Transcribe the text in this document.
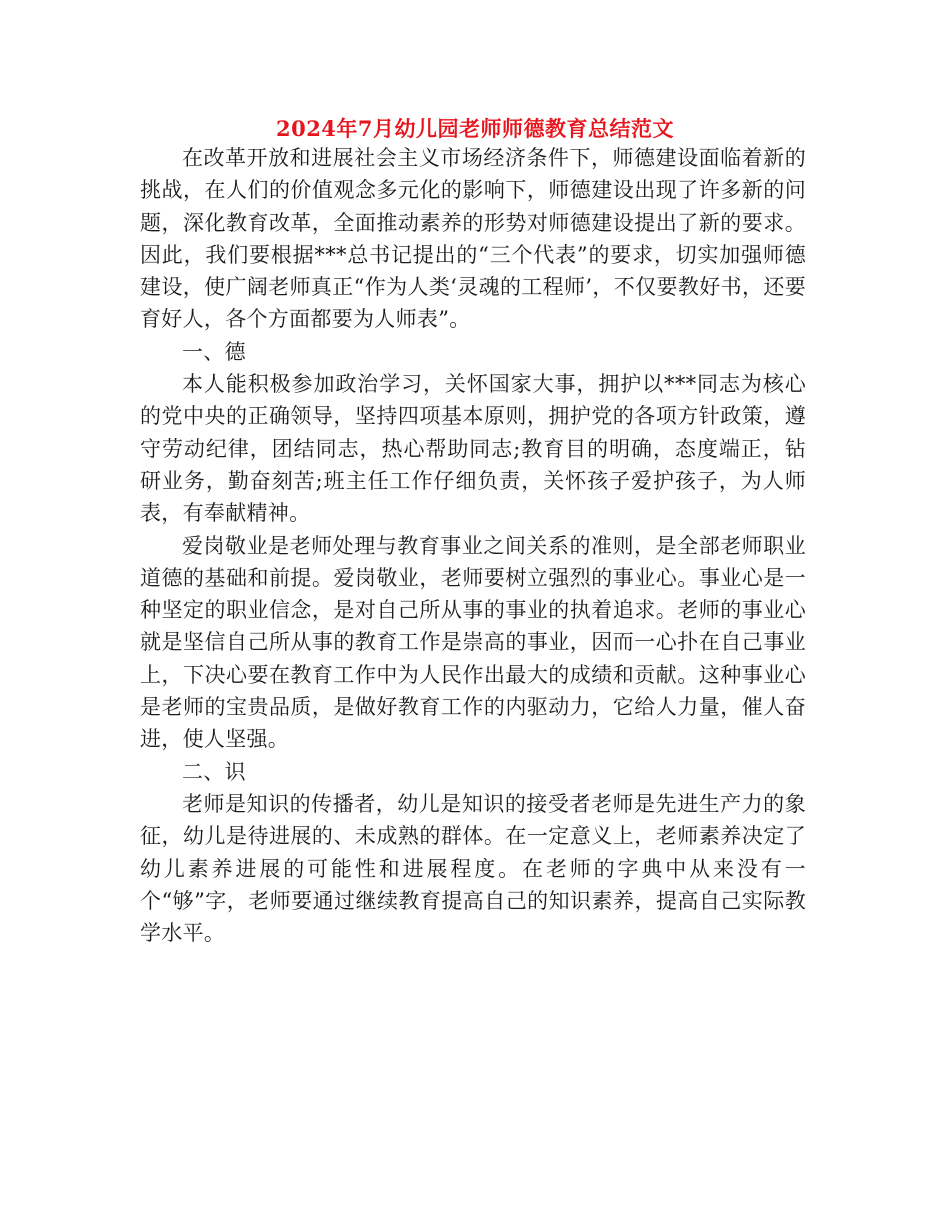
2024年7月幼儿园老师师德教育总结范文

在改革开放和进展社会主义市场经济条件下，师德建设面临着新的挑战，在人们的价值观念多元化的影响下，师德建设出现了许多新的问题，深化教育改革，全面推动素养的形势对师德建设提出了新的要求。因此，我们要根据***总书记提出的“三个代表”的要求，切实加强师德建设，使广阔老师真正“作为人类‘灵魂的工程师’，不仅要教好书，还要育好人，各个方面都要为人师表”。

一、德

本人能积极参加政治学习，关怀国家大事，拥护以***同志为核心的党中央的正确领导，坚持四项基本原则，拥护党的各项方针政策，遵守劳动纪律，团结同志，热心帮助同志;教育目的明确，态度端正，钻研业务，勤奋刻苦;班主任工作仔细负责，关怀孩子爱护孩子，为人师表，有奉献精神。

爱岗敬业是老师处理与教育事业之间关系的准则，是全部老师职业道德的基础和前提。爱岗敬业，老师要树立强烈的事业心。事业心是一种坚定的职业信念，是对自己所从事的事业的执着追求。老师的事业心就是坚信自己所从事的教育工作是崇高的事业，因而一心扑在自己事业上，下决心要在教育工作中为人民作出最大的成绩和贡献。这种事业心是老师的宝贵品质，是做好教育工作的内驱动力，它给人力量，催人奋进，使人坚强。

二、识

老师是知识的传播者，幼儿是知识的接受者老师是先进生产力的象征，幼儿是待进展的、未成熟的群体。在一定意义上，老师素养决定了幼儿素养进展的可能性和进展程度。在老师的字典中从来没有一个“够”字，老师要通过继续教育提高自己的知识素养，提高自己实际教学水平。
